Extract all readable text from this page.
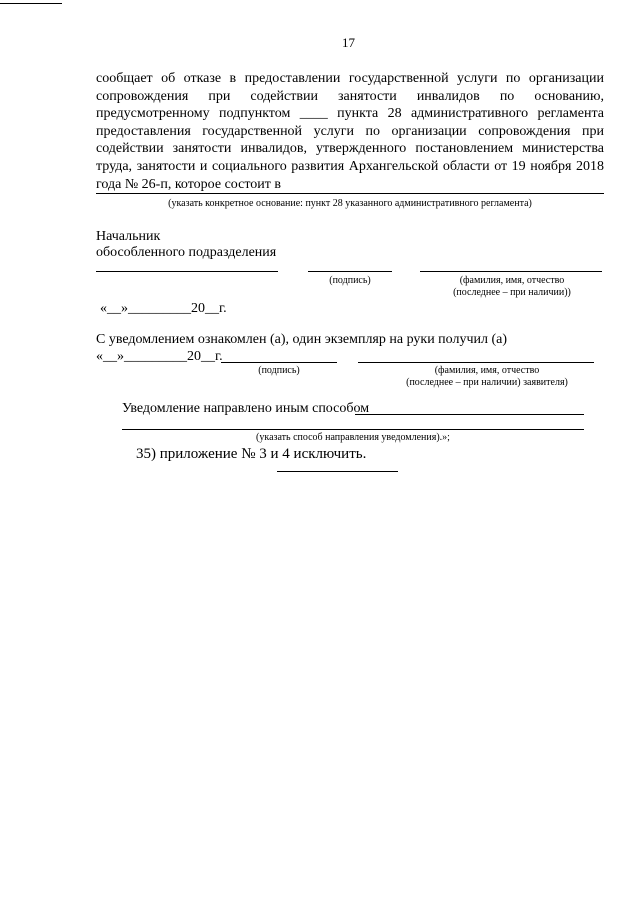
17
сообщает об отказе в предоставлении государственной услуги по организации сопровождения при содействии занятости инвалидов по основанию, предусмотренному подпунктом ____ пункта 28 административного регламента предоставления государственной услуги по организации сопровождения при содействии занятости инвалидов, утвержденного постановлением министерства труда, занятости и социального развития Архангельской области от 19 ноября 2018 года № 26-п, которое состоит в
(указать конкретное основание: пункт 28 указанного административного регламента)
Начальник
обособленного подразделения
(подпись)	(фамилия, имя, отчество
(последнее – при наличии))
«__»_________20__г.
С уведомлением ознакомлен (а), один экземпляр на руки получил (а)
«__»_________20__г.
(подпись)	(фамилия, имя, отчество
(последнее – при наличии) заявителя)
Уведомление направлено иным способом
(указать способ направления уведомления).»;
35) приложение № 3 и 4 исключить.
